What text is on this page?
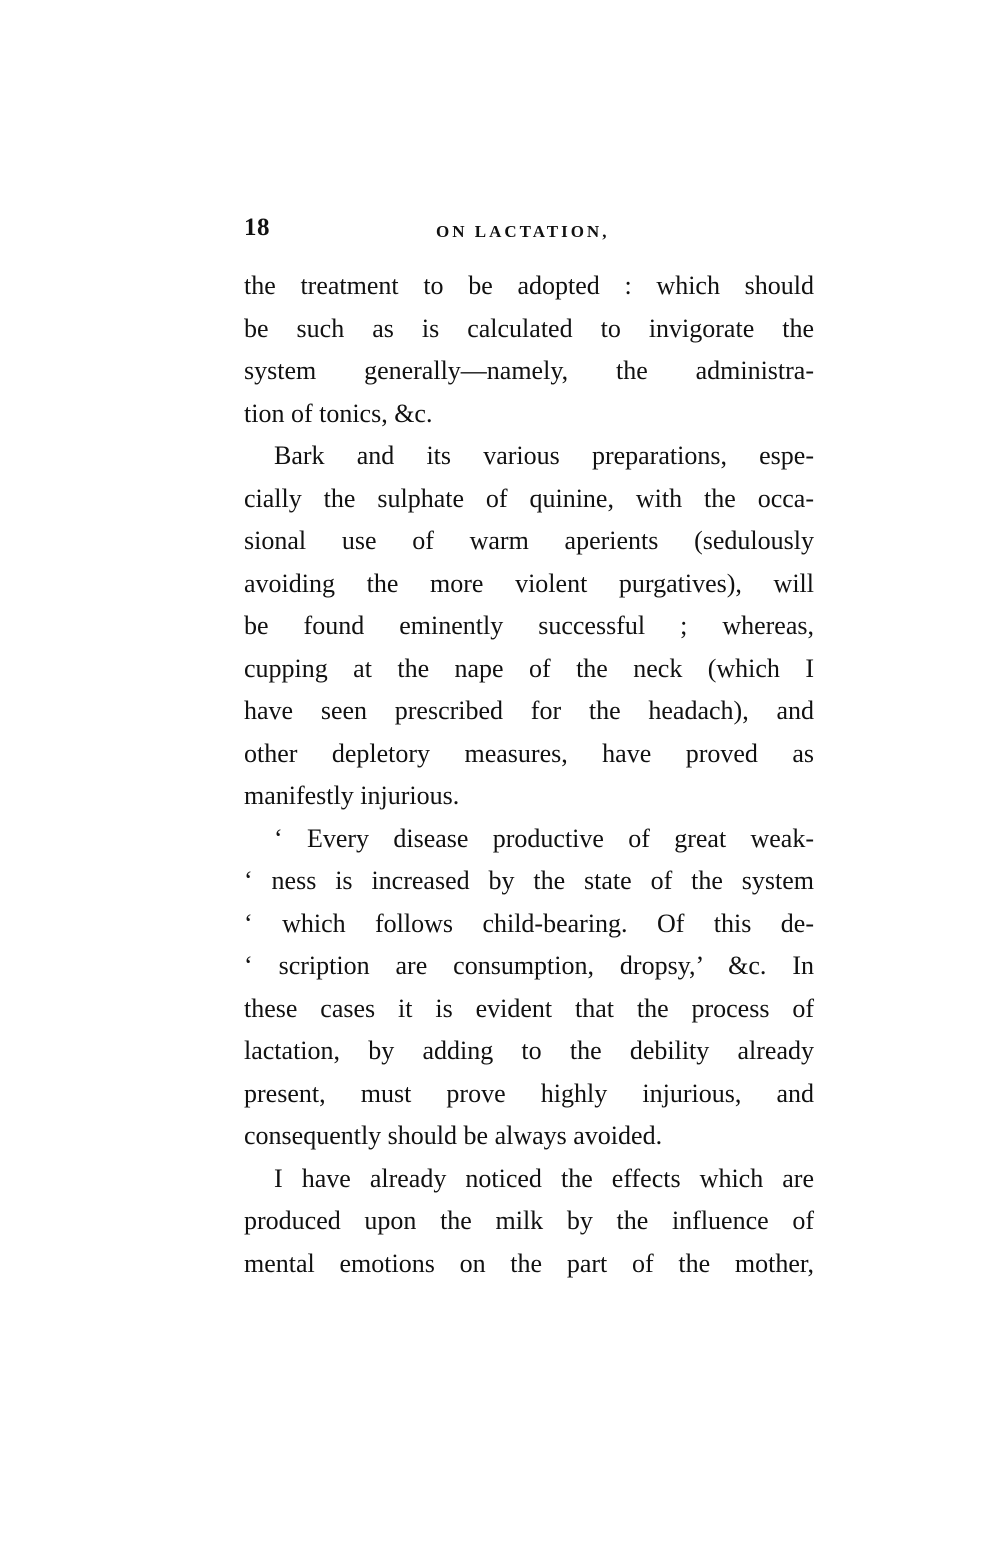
18	ON LACTATION,
the treatment to be adopted : which should
be such as is calculated to invigorate the
system generally—namely, the administra-
tion of tonics, &c.
Bark and its various preparations, espe-
cially the sulphate of quinine, with the occa-
sional use of warm aperients (sedulously
avoiding the more violent purgatives), will
be found eminently successful ; whereas,
cupping at the nape of the neck (which I
have seen prescribed for the headach), and
other depletory measures, have proved as
manifestly injurious.
‘ Every disease productive of great weak-
‘ ness is increased by the state of the system
‘ which follows child-bearing. Of this de-
‘ scription are consumption, dropsy,’ &c. In
these cases it is evident that the process of
lactation, by adding to the debility already
present, must prove highly injurious, and
consequently should be always avoided.
I have already noticed the effects which are
produced upon the milk by the influence of
mental emotions on the part of the mother,
